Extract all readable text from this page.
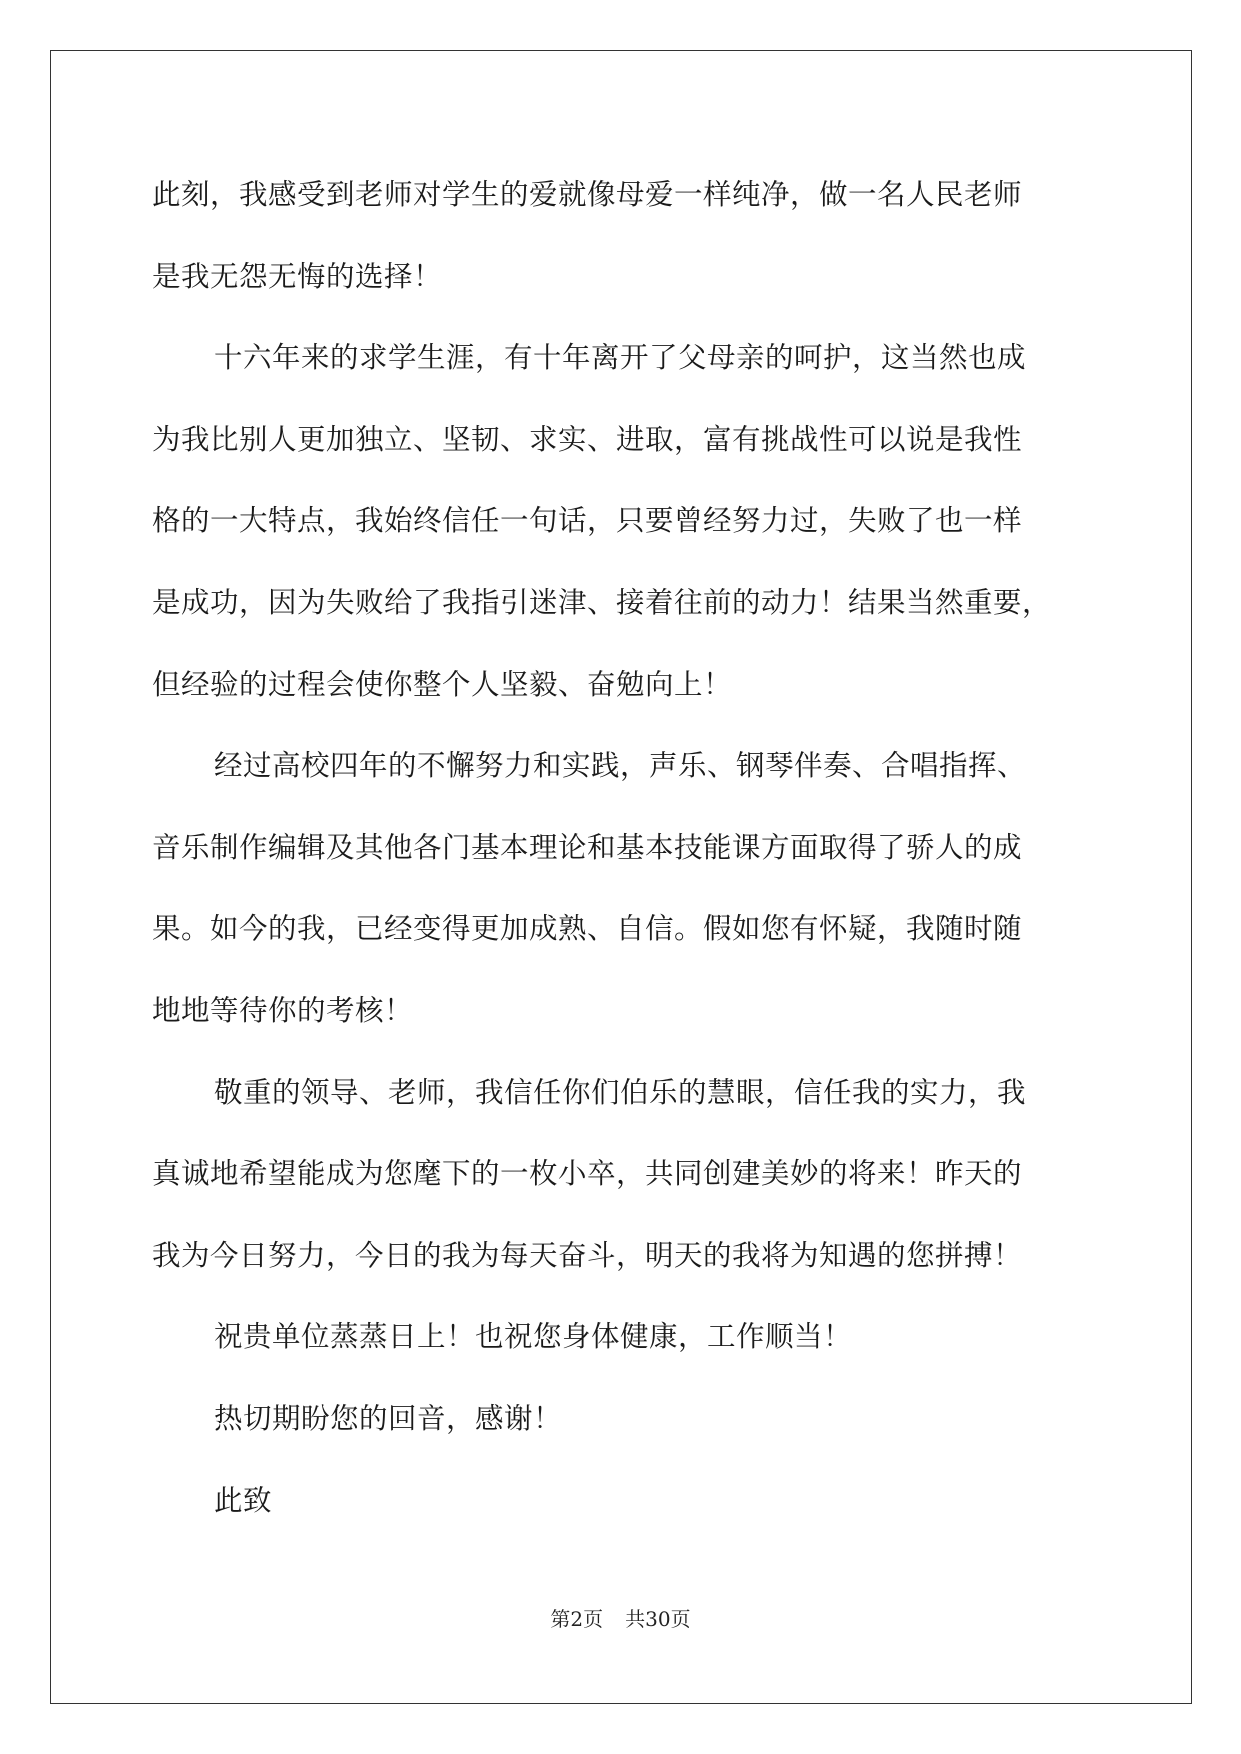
此刻，我感受到老师对学生的爱就像母爱一样纯净，做一名人民老师

是我无怨无悔的选择！

十六年来的求学生涯，有十年离开了父母亲的呵护，这当然也成

为我比别人更加独立、坚韧、求实、进取，富有挑战性可以说是我性

格的一大特点，我始终信任一句话，只要曾经努力过，失败了也一样

是成功，因为失败给了我指引迷津、接着往前的动力！结果当然重要，

但经验的过程会使你整个人坚毅、奋勉向上！

经过高校四年的不懈努力和实践，声乐、钢琴伴奏、合唱指挥、

音乐制作编辑及其他各门基本理论和基本技能课方面取得了骄人的成

果。如今的我，已经变得更加成熟、自信。假如您有怀疑，我随时随

地地等待你的考核！

敬重的领导、老师，我信任你们伯乐的慧眼，信任我的实力，我

真诚地希望能成为您麾下的一枚小卒，共同创建美妙的将来！昨天的

我为今日努力，今日的我为每天奋斗，明天的我将为知遇的您拼搏！

祝贵单位蒸蒸日上！也祝您身体健康，工作顺当！

热切期盼您的回音，感谢！

此致

第2页 共30页
